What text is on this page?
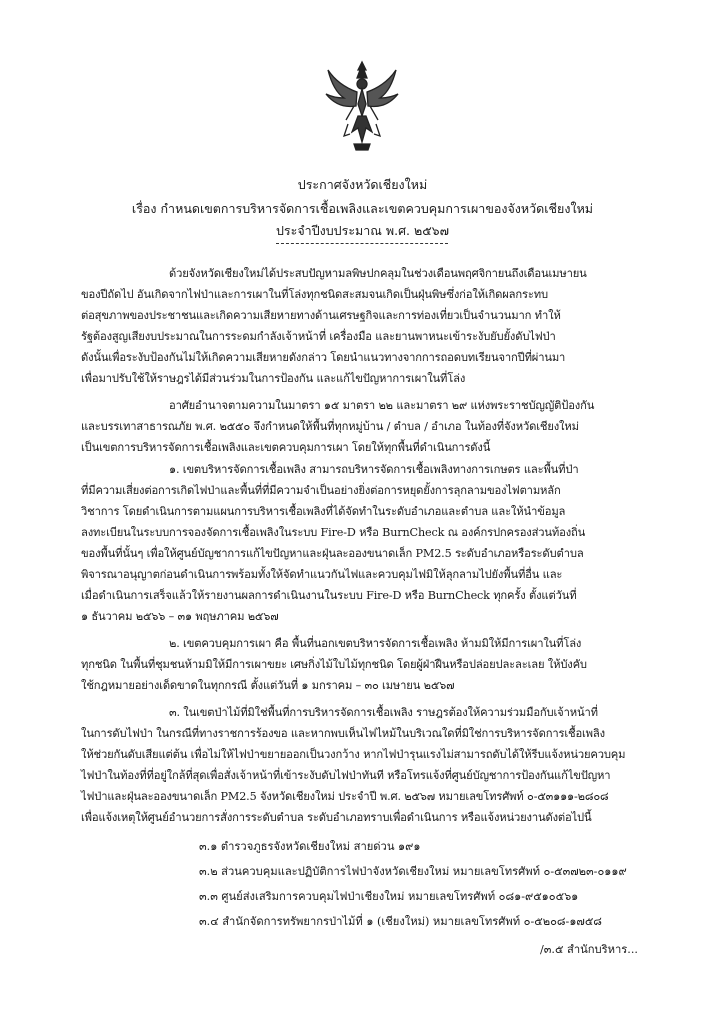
ประกาศจังหวัดเชียงใหม่
เรื่อง กำหนดเขตการบริหารจัดการเชื้อเพลิงและเขตควบคุมการเผาของจังหวัดเชียงใหม่
ประจำปีงบประมาณ พ.ศ. ๒๕๖๗
ด้วยจังหวัดเชียงใหม่ได้ประสบปัญหามลพิษปกคลุมในช่วงเดือนพฤศจิกายนถึงเดือนเมษายน
ของปีถัดไป อันเกิดจากไฟป่าและการเผาในที่โล่งทุกชนิดสะสมจนเกิดเป็นฝุ่นพิษซึ่งก่อให้เกิดผลกระทบ
ต่อสุขภาพของประชาชนและเกิดความเสียหายทางด้านเศรษฐกิจและการท่องเที่ยวเป็นจำนวนมาก ทำให้
รัฐต้องสูญเสียงบประมาณในการระดมกำลังเจ้าหน้าที่ เครื่องมือ และยานพาหนะเข้าระงับยับยั้งดับไฟป่า
ดังนั้นเพื่อระงับป้องกันไม่ให้เกิดความเสียหายดังกล่าว โดยนำแนวทางจากการถอดบทเรียนจากปีที่ผ่านมา
เพื่อมาปรับใช้ให้ราษฎรได้มีส่วนร่วมในการป้องกัน และแก้ไขปัญหาการเผาในที่โล่ง
อาศัยอำนาจตามความในมาตรา ๑๕ มาตรา ๒๒ และมาตรา ๒๙ แห่งพระราชบัญญัติป้องกัน
และบรรเทาสาธารณภัย พ.ศ. ๒๕๕๐ จึงกำหนดให้พื้นที่ทุกหมู่บ้าน / ตำบล / อำเภอ ในท้องที่จังหวัดเชียงใหม่
เป็นเขตการบริหารจัดการเชื้อเพลิงและเขตควบคุมการเผา โดยให้ทุกพื้นที่ดำเนินการดังนี้
๑. เขตบริหารจัดการเชื้อเพลิง สามารถบริหารจัดการเชื้อเพลิงทางการเกษตร และพื้นที่ป่า
ที่มีความเสี่ยงต่อการเกิดไฟป่าและพื้นที่ที่มีความจำเป็นอย่างยิ่งต่อการหยุดยั้งการลุกลามของไฟตามหลัก
วิชาการ โดยดำเนินการตามแผนการบริหารเชื้อเพลิงที่ได้จัดทำในระดับอำเภอและตำบล และให้นำข้อมูล
ลงทะเบียนในระบบการจองจัดการเชื้อเพลิงในระบบ Fire-D หรือ BurnCheck ณ องค์กรปกครองส่วนท้องถิ่น
ของพื้นที่นั้นๆ เพื่อให้ศูนย์บัญชาการแก้ไขปัญหาและฝุ่นละอองขนาดเล็ก PM2.5 ระดับอำเภอหรือระดับตำบล
พิจารณาอนุญาตก่อนดำเนินการพร้อมทั้งให้จัดทำแนวกันไฟและควบคุมไฟมิให้ลุกลามไปยังพื้นที่อื่น และ
เมื่อดำเนินการเสร็จแล้วให้รายงานผลการดำเนินงานในระบบ Fire-D หรือ BurnCheck ทุกครั้ง ตั้งแต่วันที่
๑ ธันวาคม ๒๕๖๖ – ๓๑ พฤษภาคม ๒๕๖๗
๒. เขตควบคุมการเผา คือ พื้นที่นอกเขตบริหารจัดการเชื้อเพลิง ห้ามมิให้มีการเผาในที่โล่ง
ทุกชนิด ในพื้นที่ชุมชนห้ามมิให้มีการเผาขยะ เศษกิ่งไม้ใบไม้ทุกชนิด โดยผู้ฝ่าฝืนหรือปล่อยปละละเลย ให้บังคับ
ใช้กฎหมายอย่างเด็ดขาดในทุกกรณี ตั้งแต่วันที่ ๑ มกราคม – ๓๐ เมษายน ๒๕๖๗
๓. ในเขตป่าไม้ที่มิใช่พื้นที่การบริหารจัดการเชื้อเพลิง ราษฎรต้องให้ความร่วมมือกับเจ้าหน้าที่
ในการดับไฟป่า ในกรณีที่ทางราชการร้องขอ และหากพบเห็นไฟไหม้ในบริเวณใดที่มิใช่การบริหารจัดการเชื้อเพลิง
ให้ช่วยกันดับเสียแต่ต้น เพื่อไม่ให้ไฟป่าขยายออกเป็นวงกว้าง หากไฟป่ารุนแรงไม่สามารถดับได้ให้รีบแจ้งหน่วยควบคุม
ไฟป่าในท้องที่ที่อยู่ใกล้ที่สุดเพื่อสั่งเจ้าหน้าที่เข้าระงับดับไฟป่าทันที หรือโทรแจ้งที่ศูนย์บัญชาการป้องกันแก้ไขปัญหา
ไฟป่าและฝุ่นละอองขนาดเล็ก PM2.5 จังหวัดเชียงใหม่ ประจำปี พ.ศ. ๒๕๖๗ หมายเลขโทรศัพท์ ๐-๕๓๑๑๑-๒๘๐๘
เพื่อแจ้งเหตุให้ศูนย์อำนวยการสั่งการระดับตำบล ระดับอำเภอทราบเพื่อดำเนินการ หรือแจ้งหน่วยงานดังต่อไปนี้
๓.๑ ตำรวจภูธรจังหวัดเชียงใหม่ สายด่วน ๑๙๑
๓.๒ ส่วนควบคุมและปฏิบัติการไฟป่าจังหวัดเชียงใหม่ หมายเลขโทรศัพท์ ๐-๕๓๗๒๓-๐๑๑๙
๓.๓ ศูนย์ส่งเสริมการควบคุมไฟป่าเชียงใหม่ หมายเลขโทรศัพท์ ๐๘๑-๙๕๑๐๕๖๑
๓.๔ สำนักจัดการทรัพยากรป่าไม้ที่ ๑ (เชียงใหม่) หมายเลขโทรศัพท์ ๐-๕๒๐๘-๑๗๕๘
/๓.๕ สำนักบริหาร...
